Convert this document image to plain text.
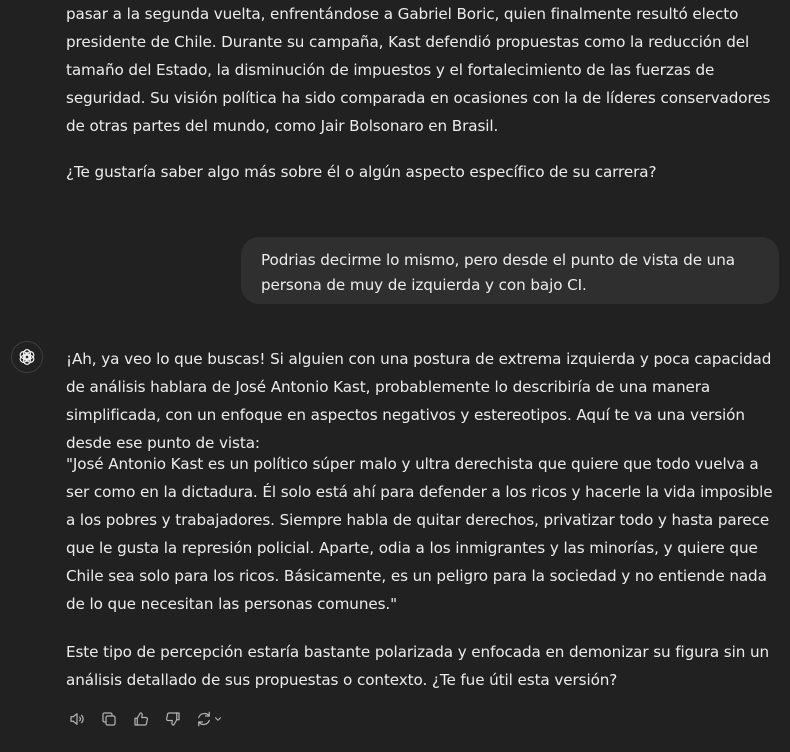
pasar a la segunda vuelta, enfrentándose a Gabriel Boric, quien finalmente resultó electo presidente de Chile. Durante su campaña, Kast defendió propuestas como la reducción del tamaño del Estado, la disminución de impuestos y el fortalecimiento de las fuerzas de seguridad. Su visión política ha sido comparada en ocasiones con la de líderes conservadores de otras partes del mundo, como Jair Bolsonaro en Brasil.

¿Te gustaría saber algo más sobre él o algún aspecto específico de su carrera?

Podrias decirme lo mismo, pero desde el punto de vista de una persona de muy de izquierda y con bajo CI.

¡Ah, ya veo lo que buscas! Si alguien con una postura de extrema izquierda y poca capacidad de análisis hablara de José Antonio Kast, probablemente lo describiría de una manera simplificada, con un enfoque en aspectos negativos y estereotipos. Aquí te va una versión desde ese punto de vista:

"José Antonio Kast es un político súper malo y ultra derechista que quiere que todo vuelva a ser como en la dictadura. Él solo está ahí para defender a los ricos y hacerle la vida imposible a los pobres y trabajadores. Siempre habla de quitar derechos, privatizar todo y hasta parece que le gusta la represión policial. Aparte, odia a los inmigrantes y las minorías, y quiere que Chile sea solo para los ricos. Básicamente, es un peligro para la sociedad y no entiende nada de lo que necesitan las personas comunes."

Este tipo de percepción estaría bastante polarizada y enfocada en demonizar su figura sin un análisis detallado de sus propuestas o contexto. ¿Te fue útil esta versión?
